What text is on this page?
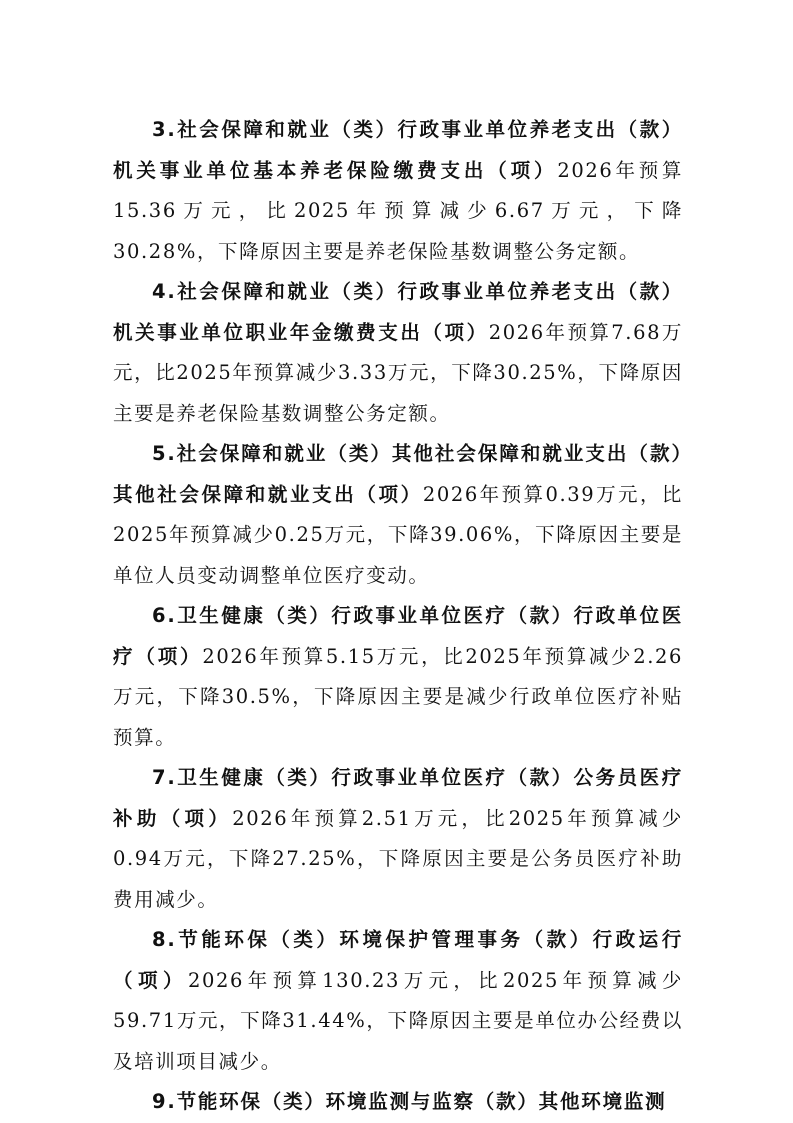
3.社会保障和就业（类）行政事业单位养老支出（款）机关事业单位基本养老保险缴费支出（项）2026年预算15.36万元，比2025年预算减少6.67万元，下降30.28%，下降原因主要是养老保险基数调整公务定额。

4.社会保障和就业（类）行政事业单位养老支出（款）机关事业单位职业年金缴费支出（项）2026年预算7.68万元，比2025年预算减少3.33万元，下降30.25%，下降原因主要是养老保险基数调整公务定额。

5.社会保障和就业（类）其他社会保障和就业支出（款）其他社会保障和就业支出（项）2026年预算0.39万元，比2025年预算减少0.25万元，下降39.06%，下降原因主要是单位人员变动调整单位医疗变动。

6.卫生健康（类）行政事业单位医疗（款）行政单位医疗（项）2026年预算5.15万元，比2025年预算减少2.26万元，下降30.5%，下降原因主要是减少行政单位医疗补贴预算。

7.卫生健康（类）行政事业单位医疗（款）公务员医疗补助（项）2026年预算2.51万元，比2025年预算减少0.94万元，下降27.25%，下降原因主要是公务员医疗补助费用减少。

8.节能环保（类）环境保护管理事务（款）行政运行（项）2026年预算130.23万元，比2025年预算减少59.71万元，下降31.44%，下降原因主要是单位办公经费以及培训项目减少。

9.节能环保（类）环境监测与监察（款）其他环境监测
